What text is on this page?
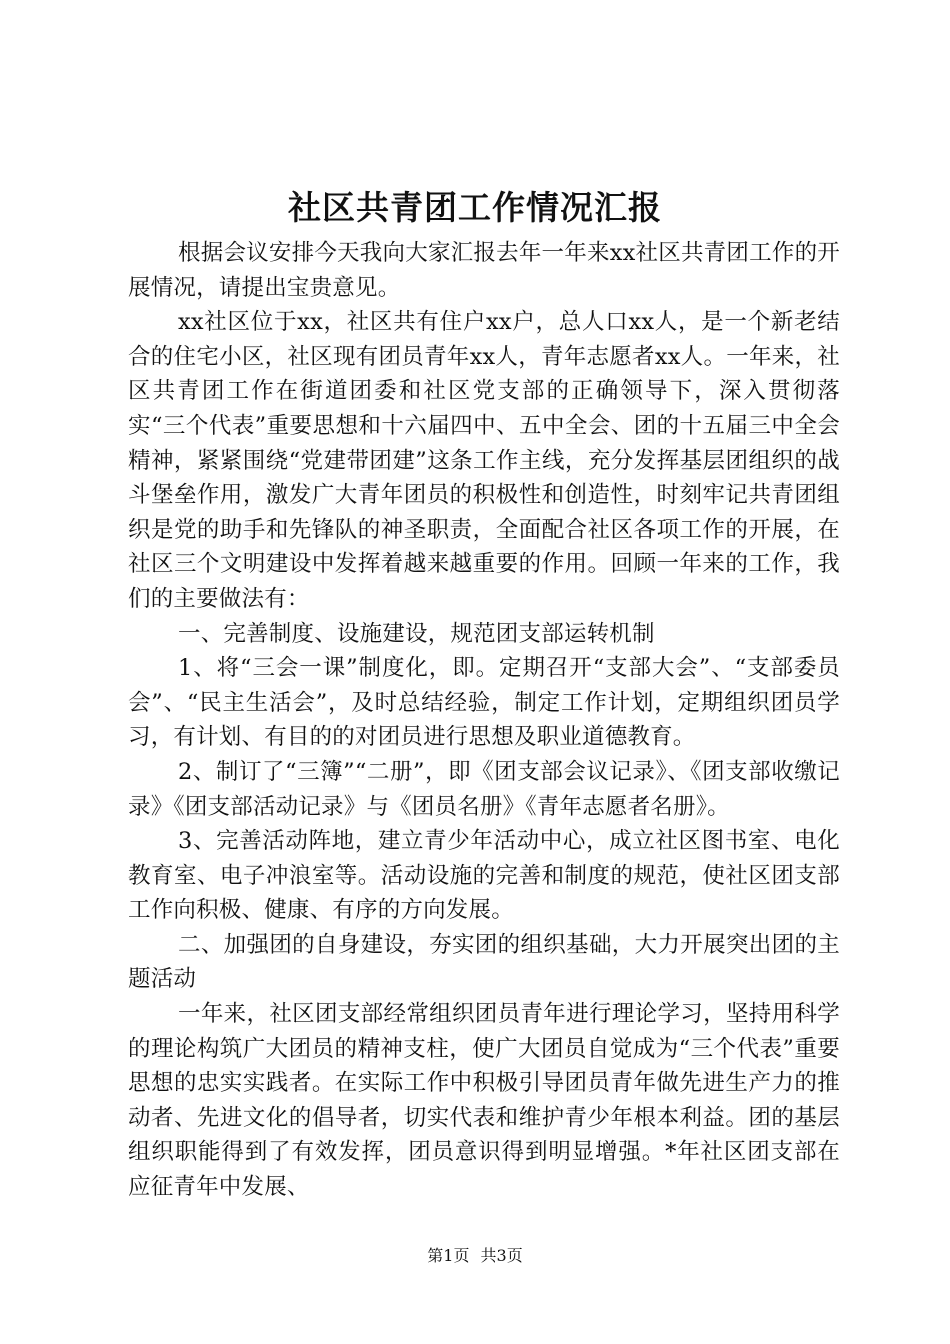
社区共青团工作情况汇报

根据会议安排今天我向大家汇报去年一年来xx社区共青团工作的开展情况，请提出宝贵意见。

xx社区位于xx，社区共有住户xx户，总人口xx人，是一个新老结合的住宅小区，社区现有团员青年xx人，青年志愿者xx人。一年来，社区共青团工作在街道团委和社区党支部的正确领导下，深入贯彻落实“三个代表”重要思想和十六届四中、五中全会、团的十五届三中全会精神，紧紧围绕“党建带团建”这条工作主线，充分发挥基层团组织的战斗堡垒作用，激发广大青年团员的积极性和创造性，时刻牢记共青团组织是党的助手和先锋队的神圣职责，全面配合社区各项工作的开展，在社区三个文明建设中发挥着越来越重要的作用。回顾一年来的工作，我们的主要做法有：

一、完善制度、设施建设，规范团支部运转机制

1、将“三会一课”制度化，即。定期召开“支部大会”、“支部委员会”、“民主生活会”，及时总结经验，制定工作计划，定期组织团员学习，有计划、有目的的对团员进行思想及职业道德教育。

2、制订了“三簿”“二册”，即《团支部会议记录》、《团支部收缴记录》《团支部活动记录》与《团员名册》《青年志愿者名册》。

3、完善活动阵地，建立青少年活动中心，成立社区图书室、电化教育室、电子冲浪室等。活动设施的完善和制度的规范，使社区团支部工作向积极、健康、有序的方向发展。

二、加强团的自身建设，夯实团的组织基础，大力开展突出团的主题活动

一年来，社区团支部经常组织团员青年进行理论学习，坚持用科学的理论构筑广大团员的精神支柱，使广大团员自觉成为“三个代表”重要思想的忠实实践者。在实际工作中积极引导团员青年做先进生产力的推动者、先进文化的倡导者，切实代表和维护青少年根本利益。团的基层组织职能得到了有效发挥，团员意识得到明显增强。*年社区团支部在应征青年中发展、

第1页 共3页
